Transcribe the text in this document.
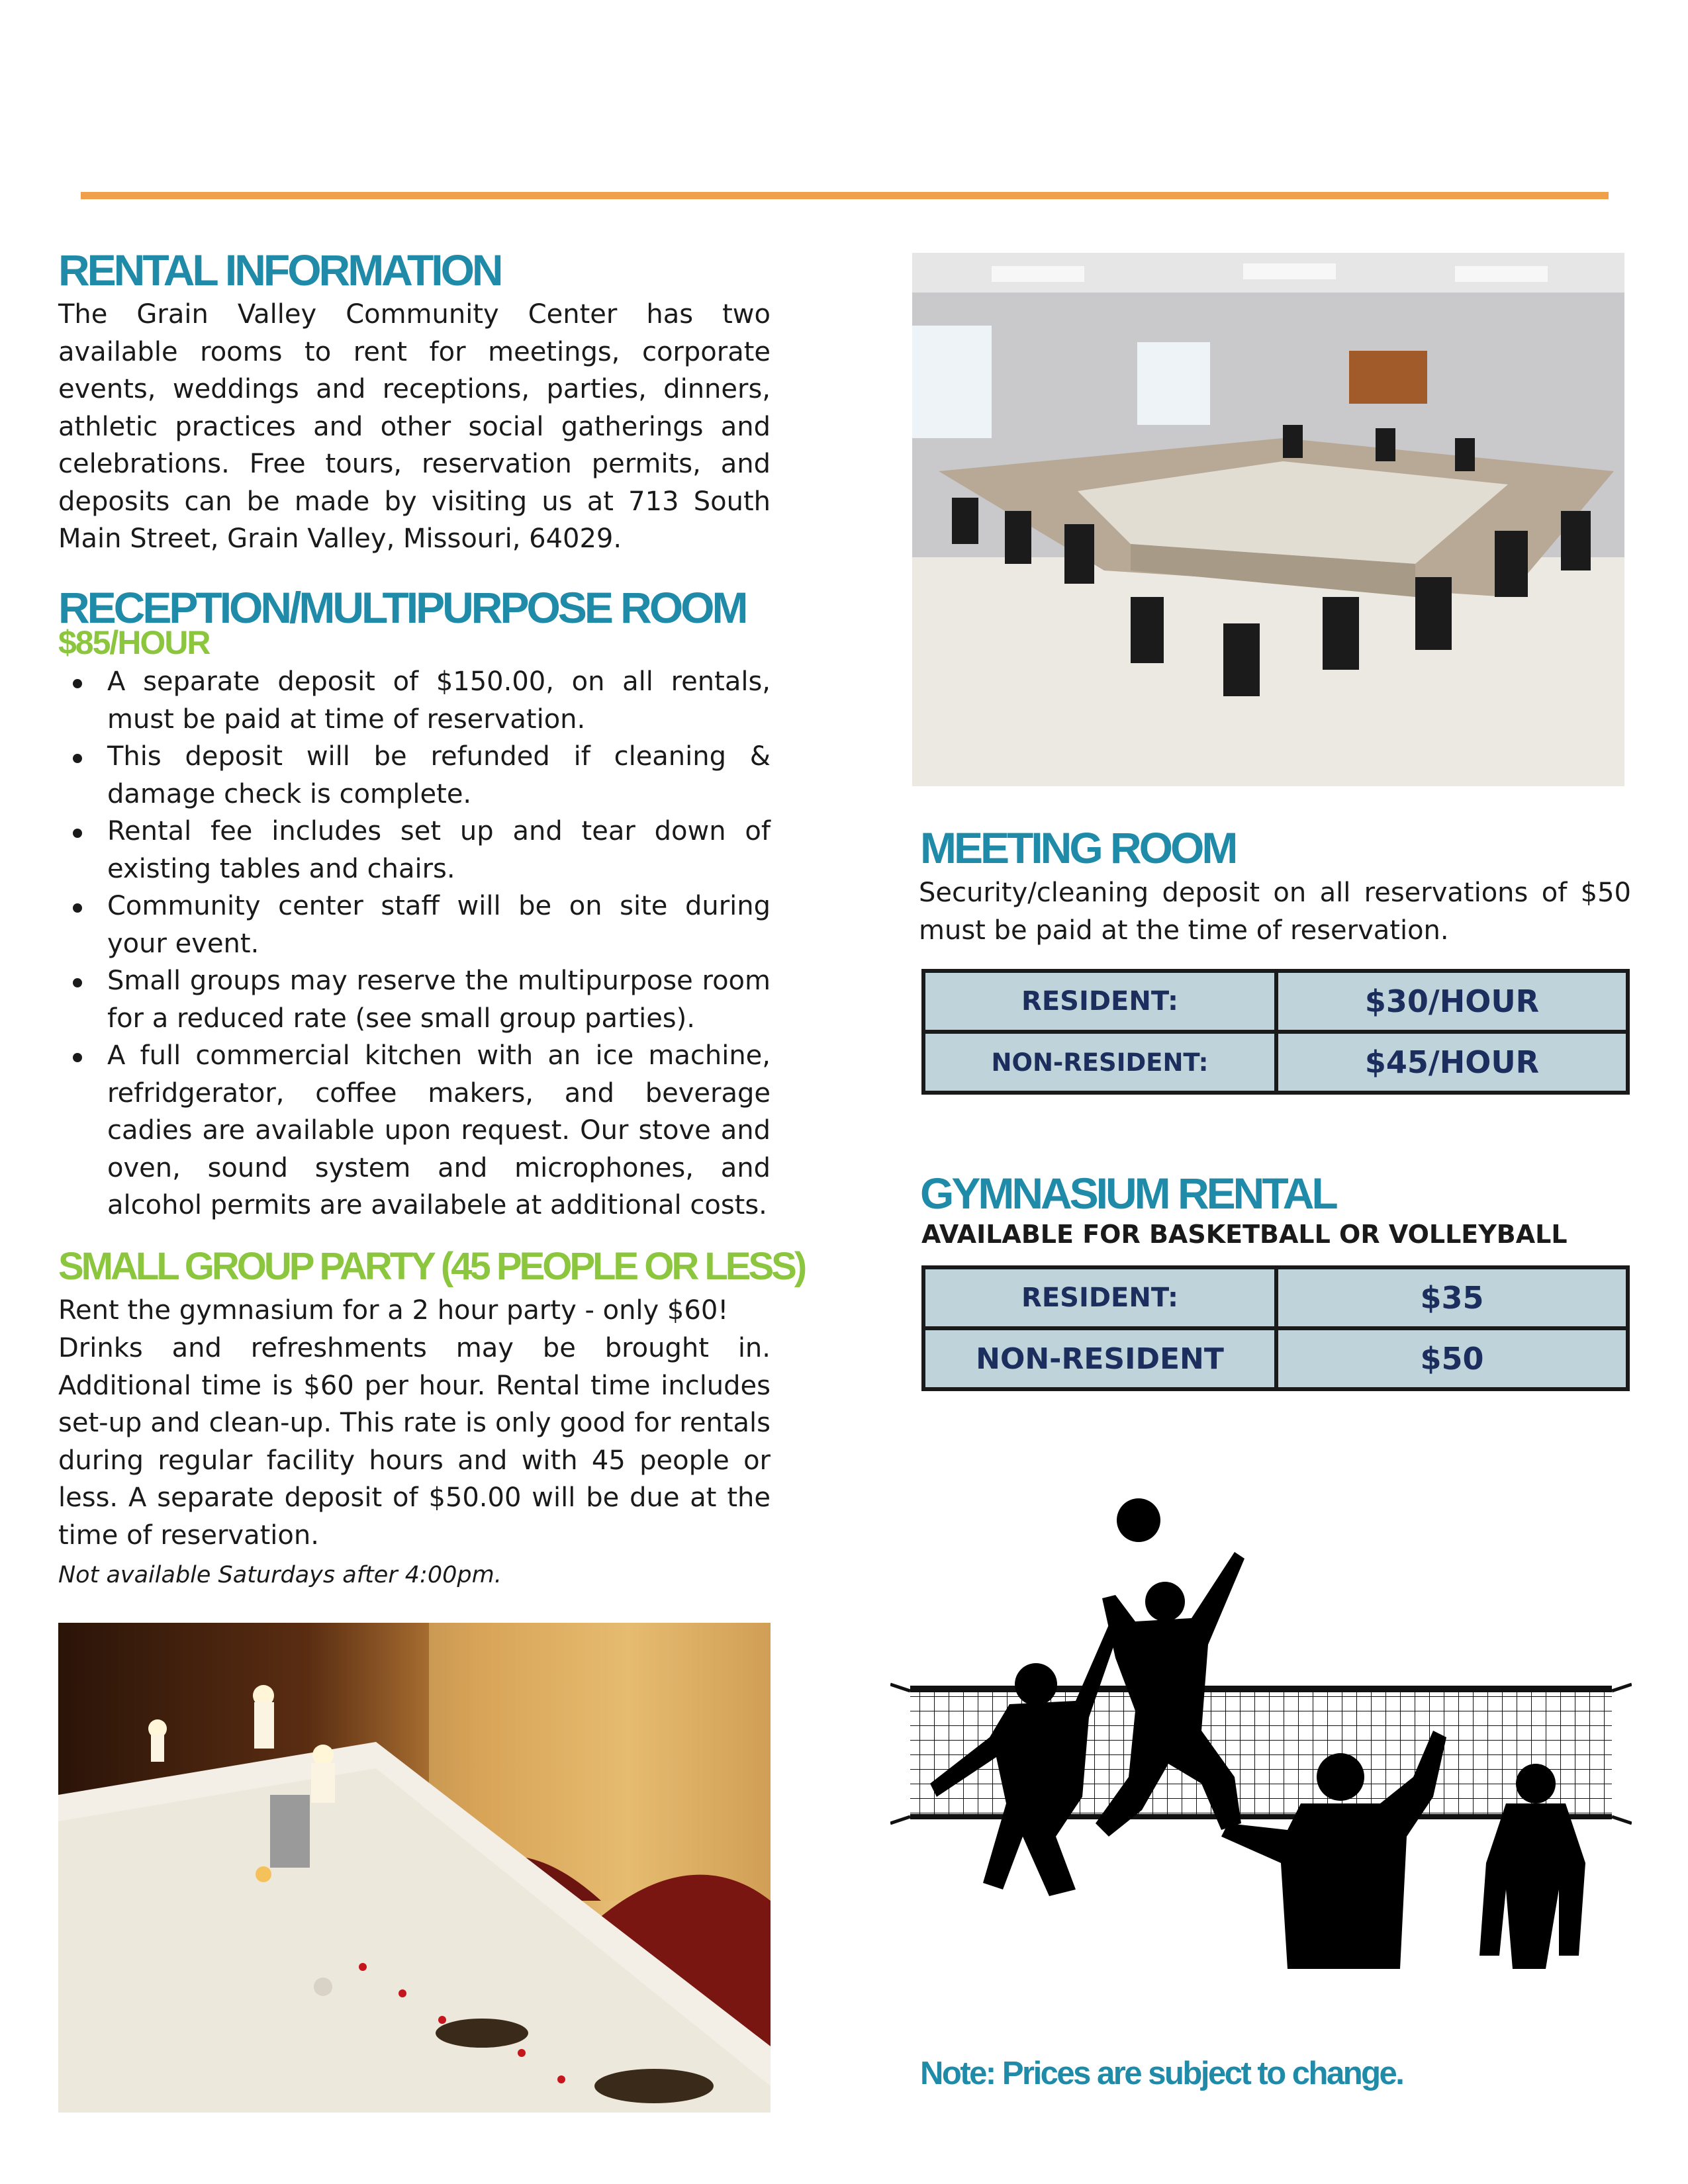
RENTAL INFORMATION

The Grain Valley Community Center has two available rooms to rent for meetings, corporate events, weddings and receptions, parties, dinners, athletic practices and other social gatherings and celebrations. Free tours, reservation permits, and deposits can be made by visiting us at 713 South Main Street, Grain Valley, Missouri, 64029.

RECEPTION/MULTIPURPOSE ROOM
$85/HOUR
A separate deposit of $150.00, on all rentals, must be paid at time of reservation.
This deposit will be refunded if cleaning & damage check is complete.
Rental fee includes set up and tear down of existing tables and chairs.
Community center staff will be on site during your event.
Small groups may reserve the multipurpose room for a reduced rate (see small group parties).
A full commercial kitchen with an ice machine, refridgerator, coffee makers, and beverage cadies are available upon request. Our stove and oven, sound system and microphones, and alcohol permits are availabele at additional costs.
SMALL GROUP PARTY (45 PEOPLE OR LESS)

Rent the gymnasium for a 2 hour party - only $60!

Drinks and refreshments may be brought in. Additional time is $60 per hour. Rental time includes set-up and clean-up. This rate is only good for rentals during regular facility hours and with 45 people or less. A separate deposit of $50.00 will be due at the time of reservation.

Not available Saturdays after 4:00pm.

MEETING ROOM

Security/cleaning deposit on all reservations of $50 must be paid at the time of reservation.

RESIDENT:	$30/HOUR
NON-RESIDENT:	$45/HOUR
GYMNASIUM RENTAL

AVAILABLE FOR BASKETBALL OR VOLLEYBALL

RESIDENT:	$35
NON-RESIDENT	$50

Note: Prices are subject to change.
